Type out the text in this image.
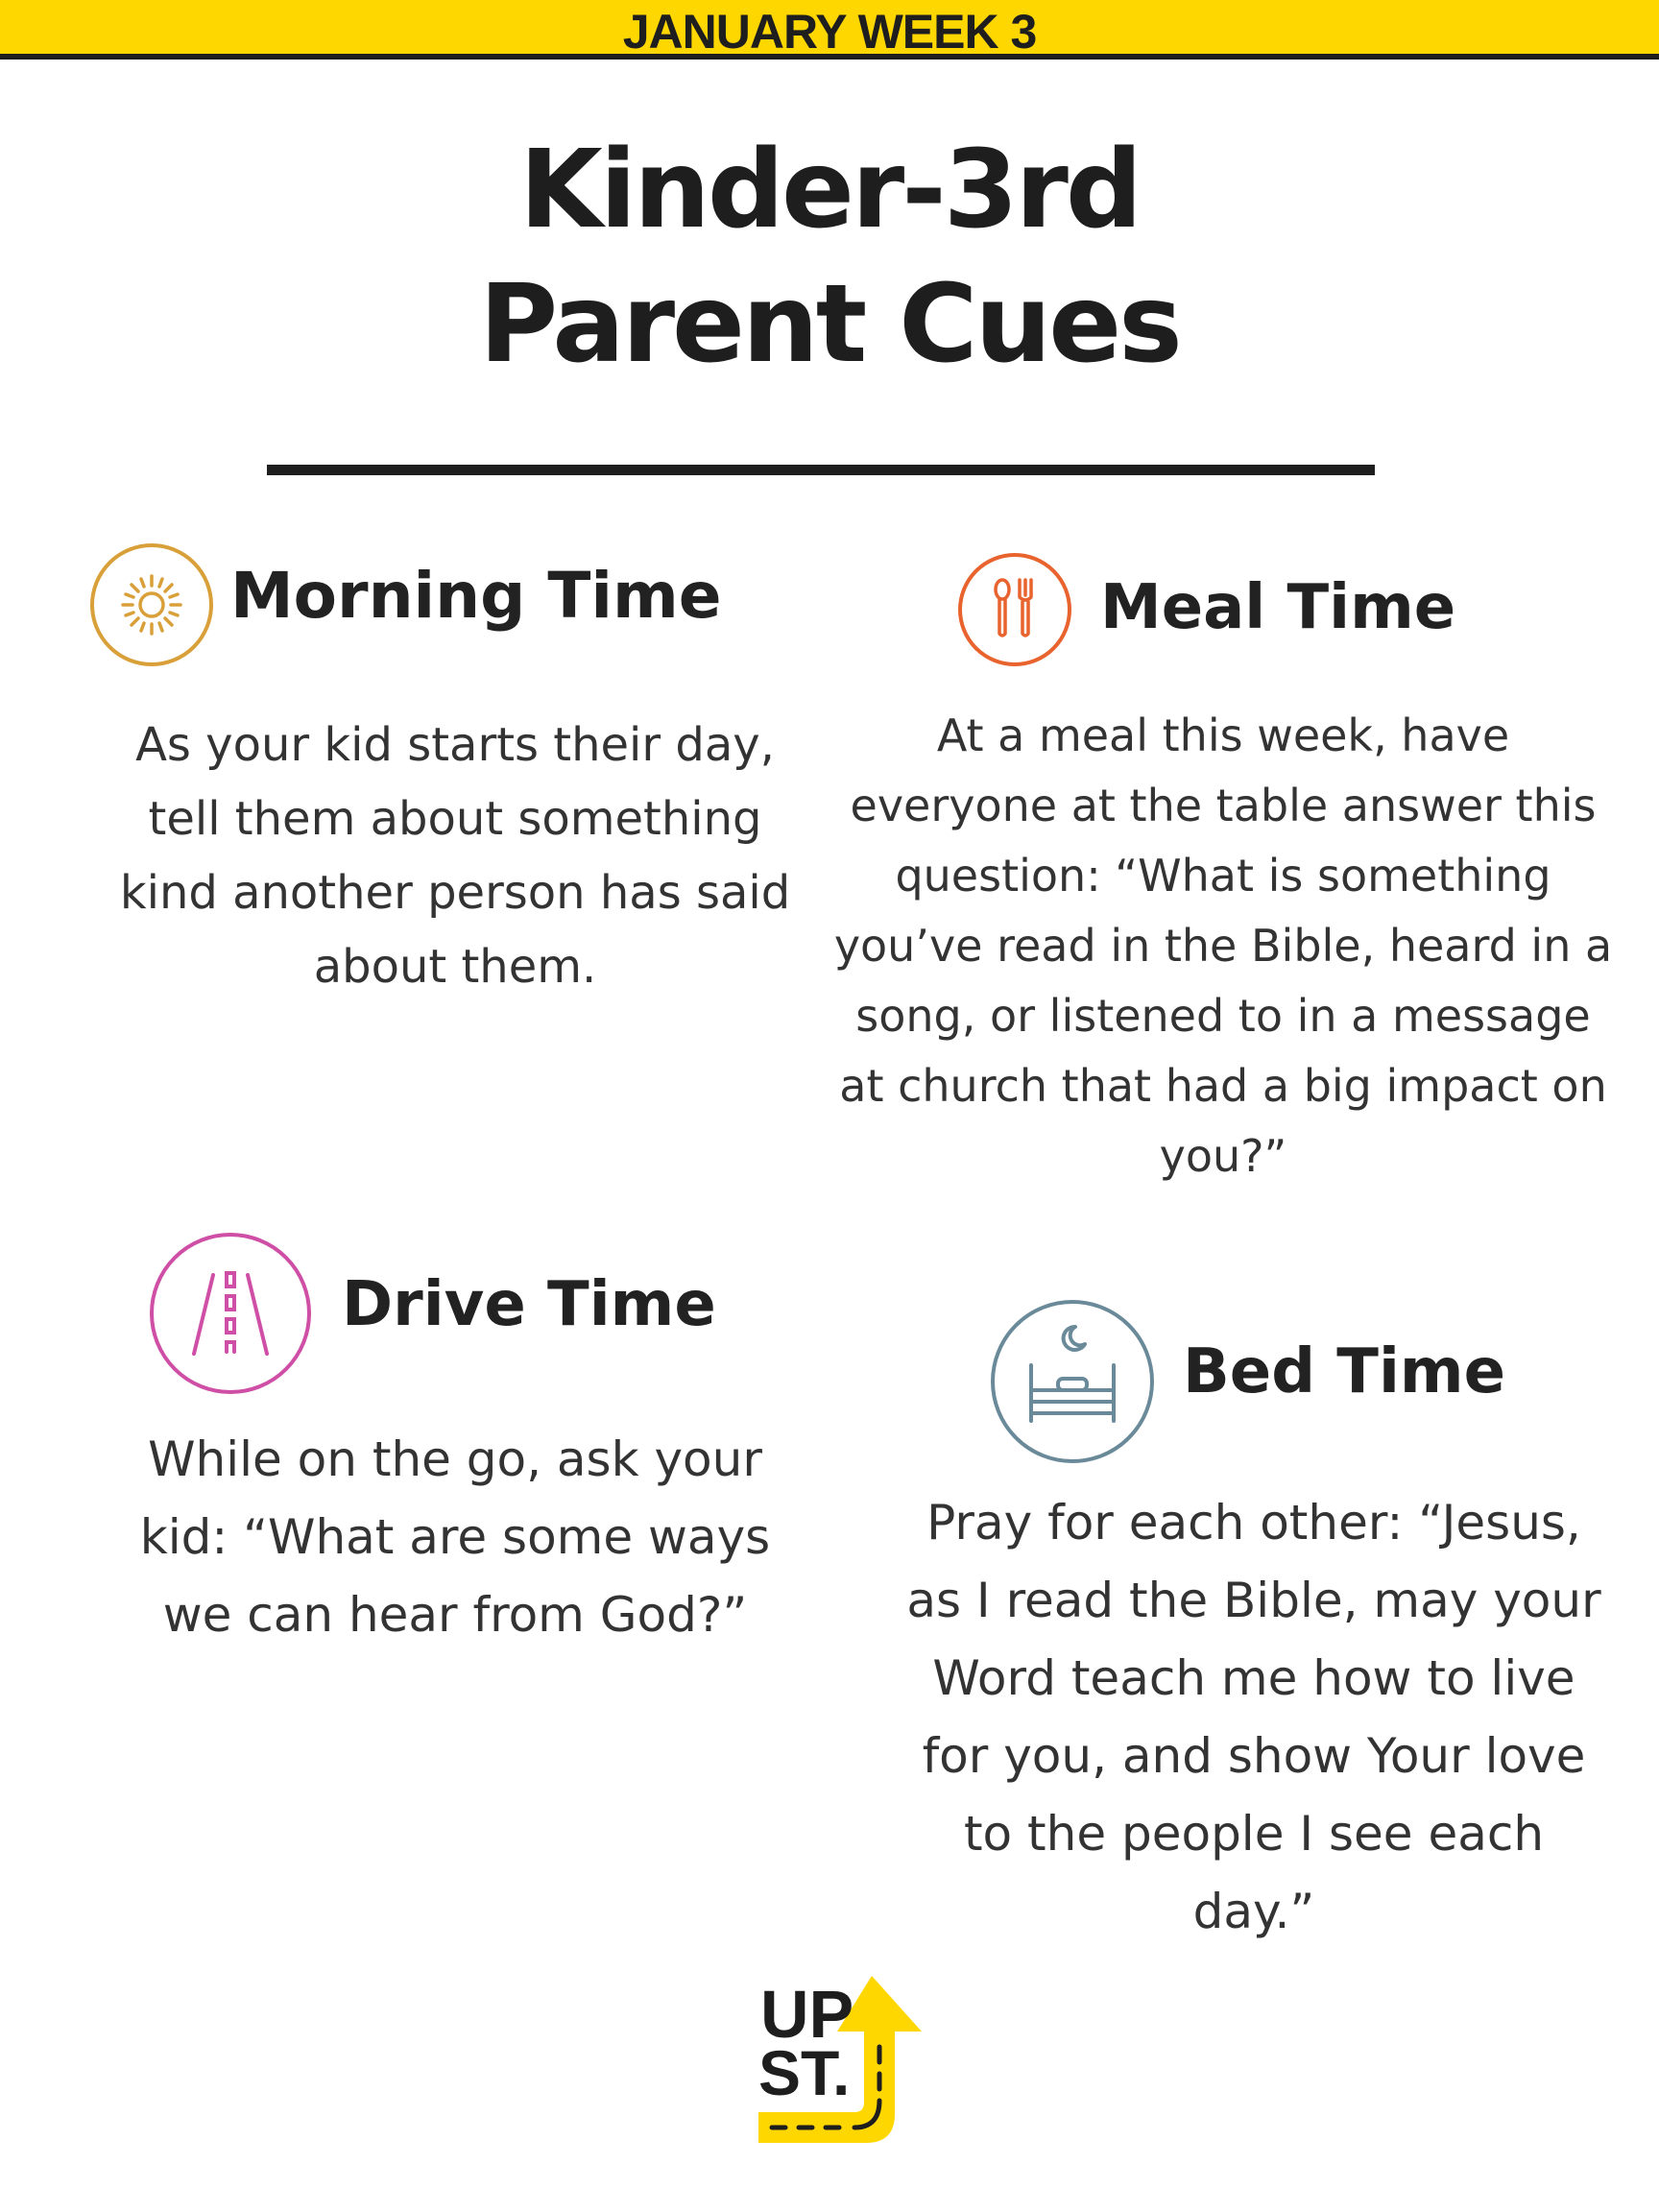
JANUARY WEEK 3
Kinder-3rd
Parent Cues
Morning Time

As your kid starts their day,

tell them about something

kind another person has said

about them.

Meal Time

At a meal this week, have

everyone at the table answer this

question: “What is something

you’ve read in the Bible, heard in a

song, or listened to in a message

at church that had a big impact on

you?”

Drive Time

While on the go, ask your

kid: “What are some ways

we can hear from God?”

Bed Time

Pray for each other: “Jesus,

as I read the Bible, may your

Word teach me how to live

for you, and show Your love

to the people I see each

day.”

UP
ST.
